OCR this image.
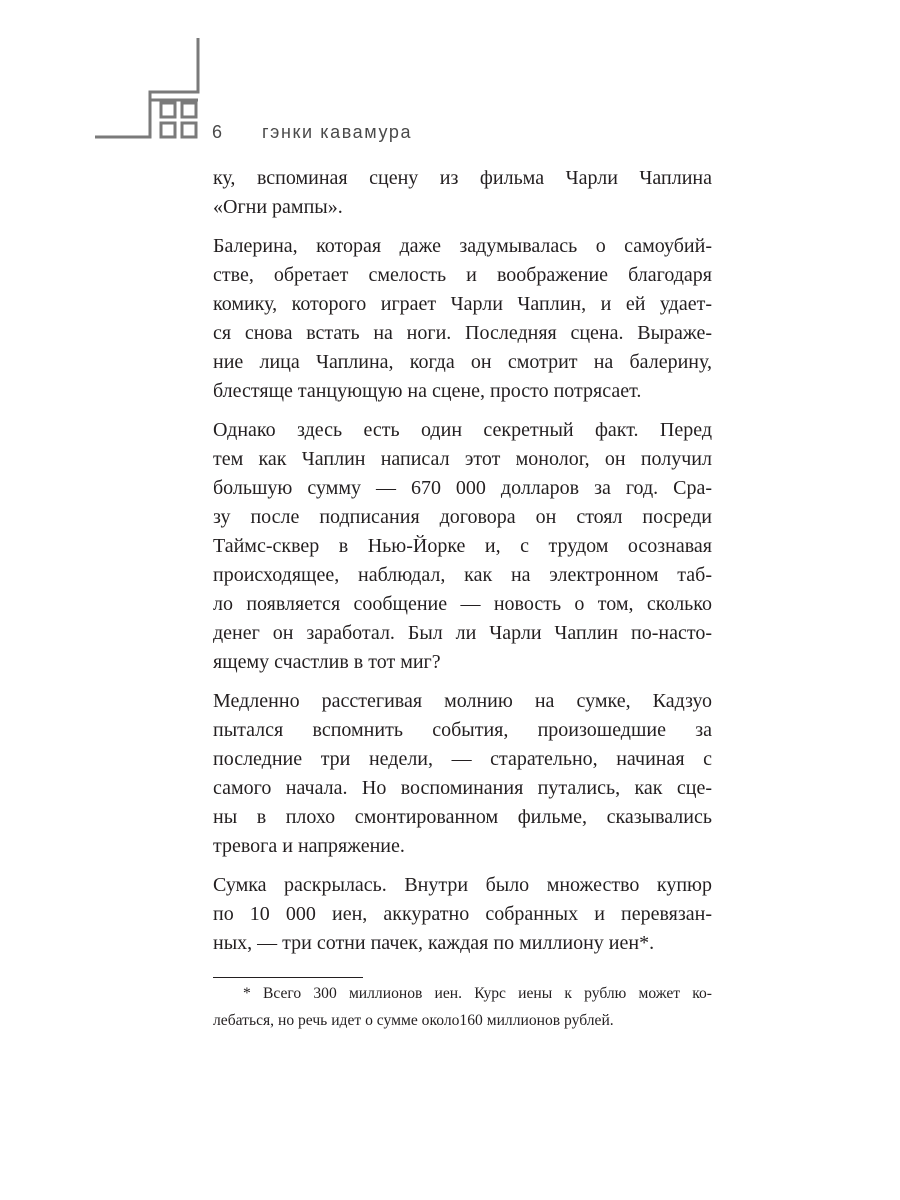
6 гэнки кавамура
ку, вспоминая сцену из фильма Чарли Чаплина
«Огни рампы».
Балерина, которая даже задумывалась о самоубий-
стве, обретает смелость и воображение благодаря
комику, которого играет Чарли Чаплин, и ей удает-
ся снова встать на ноги. Последняя сцена. Выраже-
ние лица Чаплина, когда он смотрит на балерину,
блестяще танцующую на сцене, просто потрясает.
Однако здесь есть один секретный факт. Перед
тем как Чаплин написал этот монолог, он получил
большую сумму — 670 000 долларов за год. Сра-
зу после подписания договора он стоял посреди
Таймс-сквер в Нью-Йорке и, с трудом осознавая
происходящее, наблюдал, как на электронном таб-
ло появляется сообщение — новость о том, сколько
денег он заработал. Был ли Чарли Чаплин по-насто-
ящему счастлив в тот миг?
Медленно расстегивая молнию на сумке, Кадзуо
пытался вспомнить события, произошедшие за
последние три недели, — старательно, начиная с
самого начала. Но воспоминания путались, как сце-
ны в плохо смонтированном фильме, сказывались
тревога и напряжение.
Сумка раскрылась. Внутри было множество купюр
по 10 000 иен, аккуратно собранных и перевязан-
ных, — три сотни пачек, каждая по миллиону иен*.
* Всего 300 миллионов иен. Курс иены к рублю может ко-
лебаться, но речь идет о сумме около160 миллионов рублей.
